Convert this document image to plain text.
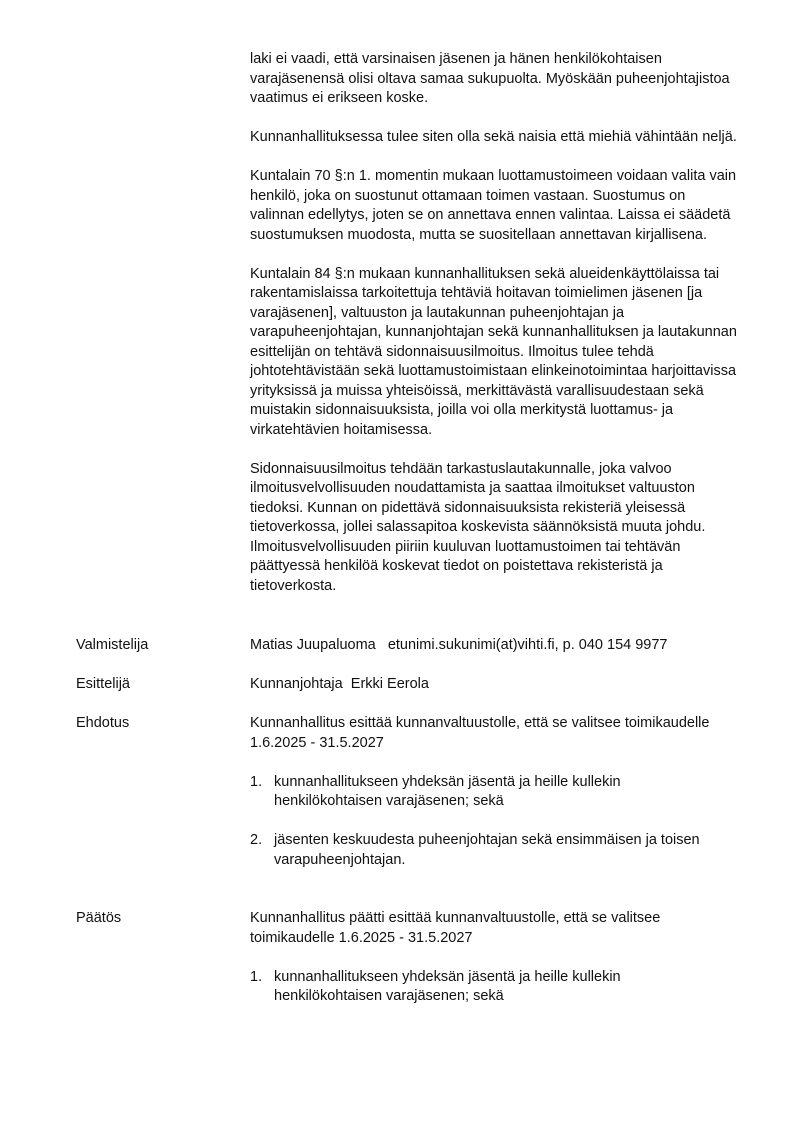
laki ei vaadi, että varsinaisen jäsenen ja hänen henkilökohtaisen varajäsenensä olisi oltava samaa sukupuolta. Myöskään puheenjohtajistoa vaatimus ei erikseen koske.

Kunnanhallituksessa tulee siten olla sekä naisia että miehiä vähintään neljä.

Kuntalain 70 §:n 1. momentin mukaan luottamustoimeen voidaan valita vain henkilö, joka on suostunut ottamaan toimen vastaan. Suostumus on valinnan edellytys, joten se on annettava ennen valintaa. Laissa ei säädetä suostumuksen muodosta, mutta se suositellaan annettavan kirjallisena.

Kuntalain 84 §:n mukaan kunnanhallituksen sekä alueidenkäyttölaissa tai rakentamislaissa tarkoitettuja tehtäviä hoitavan toimielimen jäsenen [ja varajäsenen], valtuuston ja lautakunnan puheenjohtajan ja varapuheenjohtajan, kunnanjohtajan sekä kunnanhallituksen ja lautakunnan esittelijän on tehtävä sidonnaisuusilmoitus. Ilmoitus tulee tehdä johtotehtävistään sekä luottamustoimistaan elinkeinotoimintaa harjoittavissa yrityksissä ja muissa yhteisöissä, merkittävästä varallisuudestaan sekä muistakin sidonnaisuuksista, joilla voi olla merkitystä luottamus- ja virkatehtävien hoitamisessa.

Sidonnaisuusilmoitus tehdään tarkastuslautakunnalle, joka valvoo ilmoitusvelvollisuuden noudattamista ja saattaa ilmoitukset valtuuston tiedoksi. Kunnan on pidettävä sidonnaisuuksista rekisteriä yleisessä tietoverkossa, jollei salassapitoa koskevista säännöksistä muuta johdu. Ilmoitusvelvollisuuden piiriin kuuluvan luottamustoimen tai tehtävän päättyessä henkilöä koskevat tiedot on poistettava rekisteristä ja tietoverkosta.

Valmistelija	Matias Juupaluoma   etunimi.sukunimi(at)vihti.fi, p. 040 154 9977
Esittelijä	Kunnanjohtaja  Erkki Eerola
Ehdotus	Kunnanhallitus esittää kunnanvaltuustolle, että se valitsee toimikaudelle 1.6.2025 - 31.5.2027

1. kunnanhallitukseen yhdeksän jäsentä ja heille kullekin henkilökohtaisen varajäsenen; sekä
2. jäsenten keskuudesta puheenjohtajan sekä ensimmäisen ja toisen varapuheenjohtajan.
Päätös	Kunnanhallitus päätti esittää kunnanvaltuustolle, että se valitsee toimikaudelle 1.6.2025 - 31.5.2027

1. kunnanhallitukseen yhdeksän jäsentä ja heille kullekin henkilökohtaisen varajäsenen; sekä
